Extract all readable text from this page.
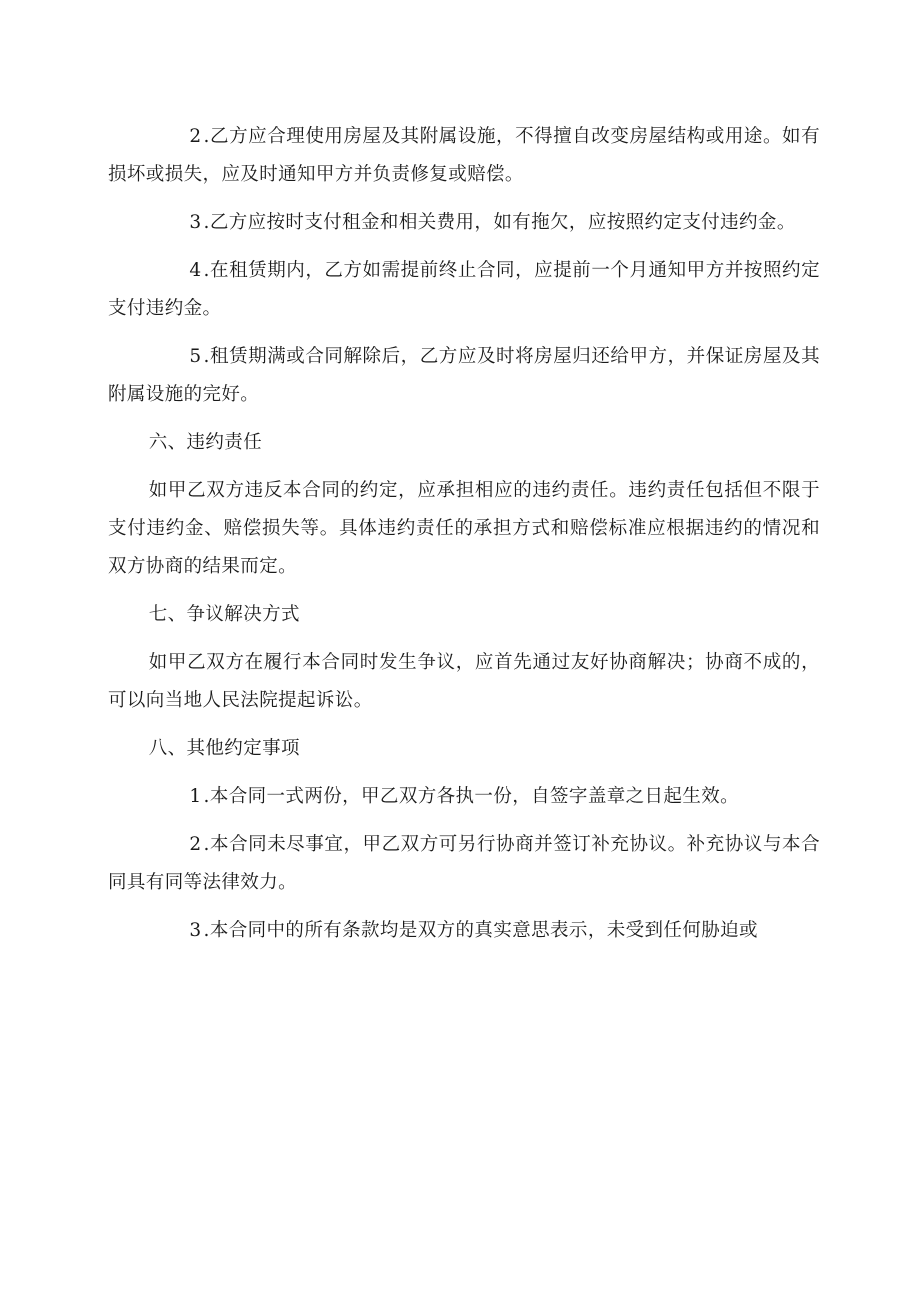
2 .乙方应合理使用房屋及其附属设施，不得擅自改变房屋结构或用途。如有损坏或损失，应及时通知甲方并负责修复或赔偿。

3 .乙方应按时支付租金和相关费用，如有拖欠，应按照约定支付违约金。

4 .在租赁期内，乙方如需提前终止合同，应提前一个月通知甲方并按照约定支付违约金。

5 .租赁期满或合同解除后，乙方应及时将房屋归还给甲方，并保证房屋及其附属设施的完好。

六、违约责任

如甲乙双方违反本合同的约定，应承担相应的违约责任。违约责任包括但不限于支付违约金、赔偿损失等。具体违约责任的承担方式和赔偿标准应根据违约的情况和双方协商的结果而定。

七、争议解决方式

如甲乙双方在履行本合同时发生争议，应首先通过友好协商解决；协商不成的，可以向当地人民法院提起诉讼。

八、其他约定事项

1 .本合同一式两份，甲乙双方各执一份，自签字盖章之日起生效。

2 .本合同未尽事宜，甲乙双方可另行协商并签订补充协议。补充协议与本合同具有同等法律效力。

3 .本合同中的所有条款均是双方的真实意思表示，未受到任何胁迫或
